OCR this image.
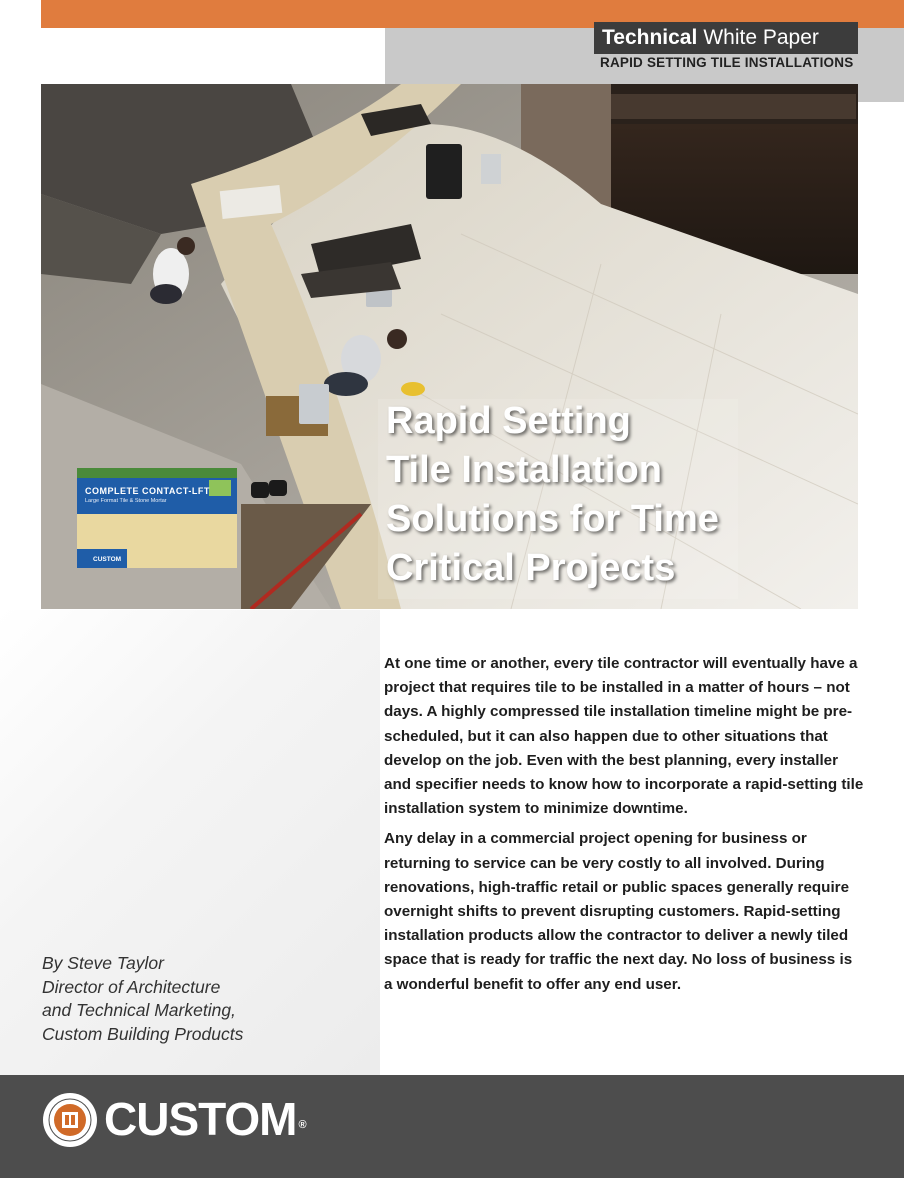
Technical White Paper
RAPID SETTING TILE INSTALLATIONS
COMPLETE CONTACT-LFT
Large Format Tile & Stone Mortar
CUSTOM
Rapid Setting
Tile Installation
Solutions for Time
Critical Projects

At one time or another, every tile contractor will eventually have a project that requires tile to be installed in a matter of hours – not days. A highly compressed tile installation timeline might be pre-scheduled, but it can also happen due to other situations that develop on the job. Even with the best planning, every installer and specifier needs to know how to incorporate a rapid-setting tile installation system to minimize downtime.

Any delay in a commercial project opening for business or returning to service can be very costly to all involved. During renovations, high-traffic retail or public spaces generally require overnight shifts to prevent disrupting customers. Rapid-setting installation products allow the contractor to deliver a newly tiled space that is ready for traffic the next day. No loss of business is a wonderful benefit to offer any end user.

By Steve Taylor
Director of Architecture
and Technical Marketing,
Custom Building Products
CUSTOM ®
